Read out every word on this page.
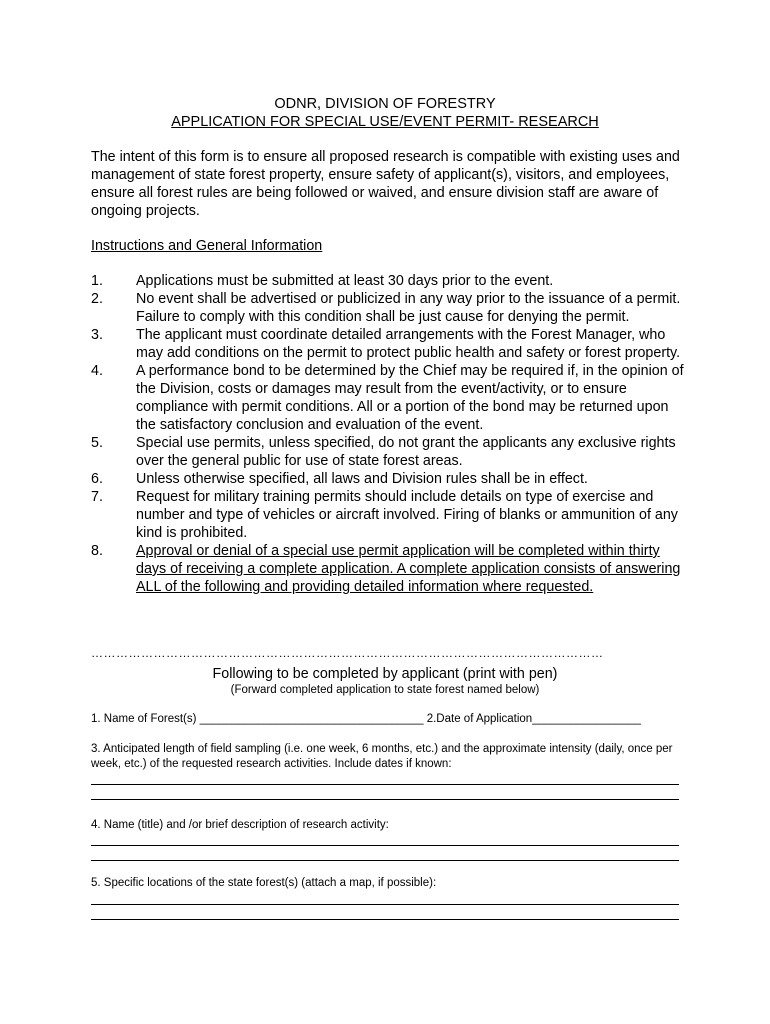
ODNR, DIVISION OF FORESTRY
APPLICATION FOR SPECIAL USE/EVENT PERMIT- RESEARCH
The intent of this form is to ensure all proposed research is compatible with existing uses and management of state forest property, ensure safety of applicant(s), visitors, and employees, ensure all forest rules are being followed or waived, and ensure division staff are aware of ongoing projects.
Instructions and General Information
1. Applications must be submitted at least 30 days prior to the event.
2. No event shall be advertised or publicized in any way prior to the issuance of a permit. Failure to comply with this condition shall be just cause for denying the permit.
3. The applicant must coordinate detailed arrangements with the Forest Manager, who may add conditions on the permit to protect public health and safety or forest property.
4. A performance bond to be determined by the Chief may be required if, in the opinion of the Division, costs or damages may result from the event/activity, or to ensure compliance with permit conditions. All or a portion of the bond may be returned upon the satisfactory conclusion and evaluation of the event.
5. Special use permits, unless specified, do not grant the applicants any exclusive rights over the general public for use of state forest areas.
6. Unless otherwise specified, all laws and Division rules shall be in effect.
7. Request for military training permits should include details on type of exercise and number and type of vehicles or aircraft involved. Firing of blanks or ammunition of any kind is prohibited.
8. Approval or denial of a special use permit application will be completed within thirty days of receiving a complete application. A complete application consists of answering ALL of the following and providing detailed information where requested.
……………………………………………………………………………………………………………
Following to be completed by applicant (print with pen)
(Forward completed application to state forest named below)
1. Name of Forest(s) ___________________________________ 2.Date of Application_________________
3. Anticipated length of field sampling (i.e. one week, 6 months, etc.) and the approximate intensity (daily, once per week, etc.) of the requested research activities. Include dates if known:
4. Name (title) and /or brief description of research activity:
5. Specific locations of the state forest(s) (attach a map, if possible):
